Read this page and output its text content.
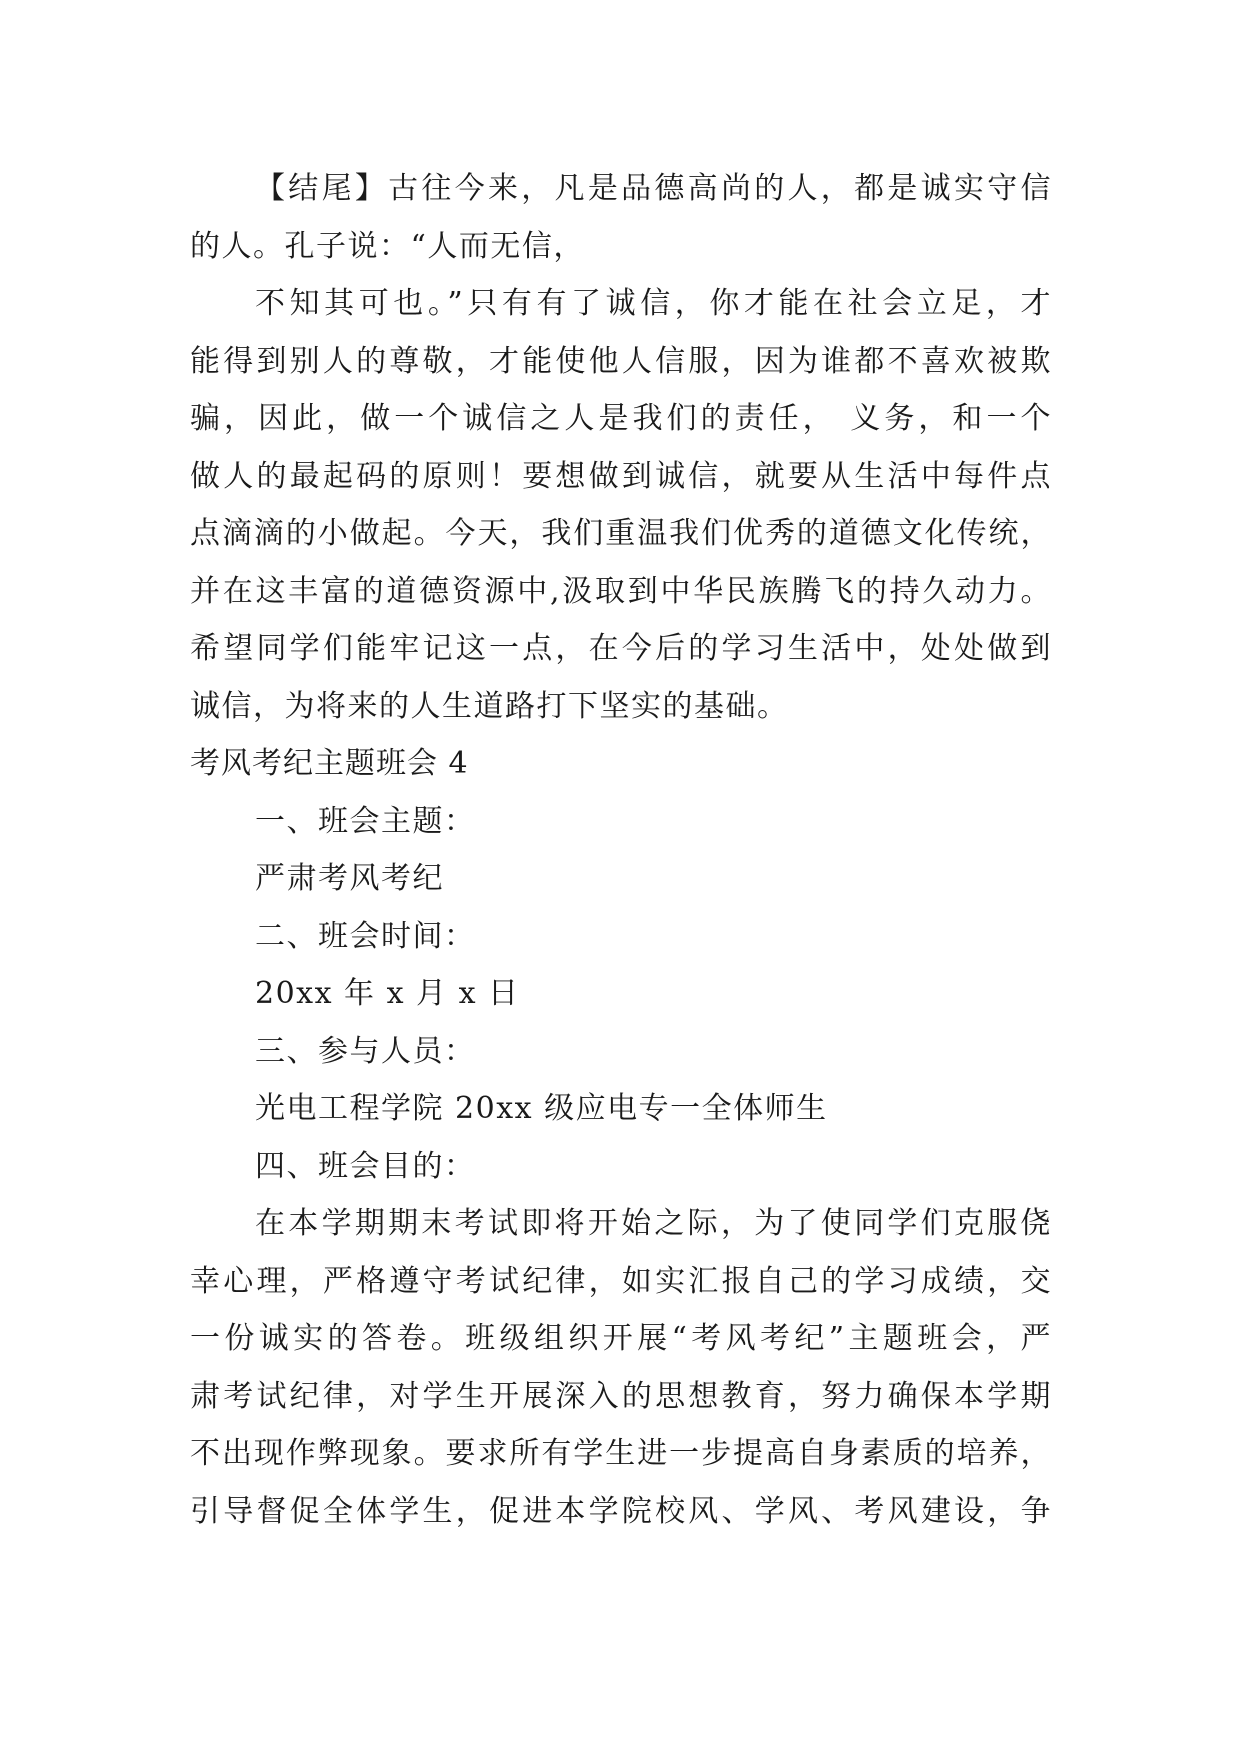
【结尾】古往今来，凡是品德高尚的人，都是诚实守信
的人。孔子说：“人而无信，
不知其可也。”只有有了诚信，你才能在社会立足，才
能得到别人的尊敬，才能使他人信服，因为谁都不喜欢被欺
骗，因此，做一个诚信之人是我们的责任， 义务，和一个
做人的最起码的原则！要想做到诚信，就要从生活中每件点
点滴滴的小做起。今天，我们重温我们优秀的道德文化传统，
并在这丰富的道德资源中,汲取到中华民族腾飞的持久动力。
希望同学们能牢记这一点，在今后的学习生活中，处处做到
诚信，为将来的人生道路打下坚实的基础。
考风考纪主题班会 4
一、班会主题：
严肃考风考纪
二、班会时间：
20xx 年 x 月 x 日
三、参与人员：
光电工程学院 20xx 级应电专一全体师生
四、班会目的：
在本学期期末考试即将开始之际，为了使同学们克服侥
幸心理，严格遵守考试纪律，如实汇报自己的学习成绩，交
一份诚实的答卷。班级组织开展“考风考纪”主题班会，严
肃考试纪律，对学生开展深入的思想教育，努力确保本学期
不出现作弊现象。要求所有学生进一步提高自身素质的培养，
引导督促全体学生，促进本学院校风、学风、考风建设，争
